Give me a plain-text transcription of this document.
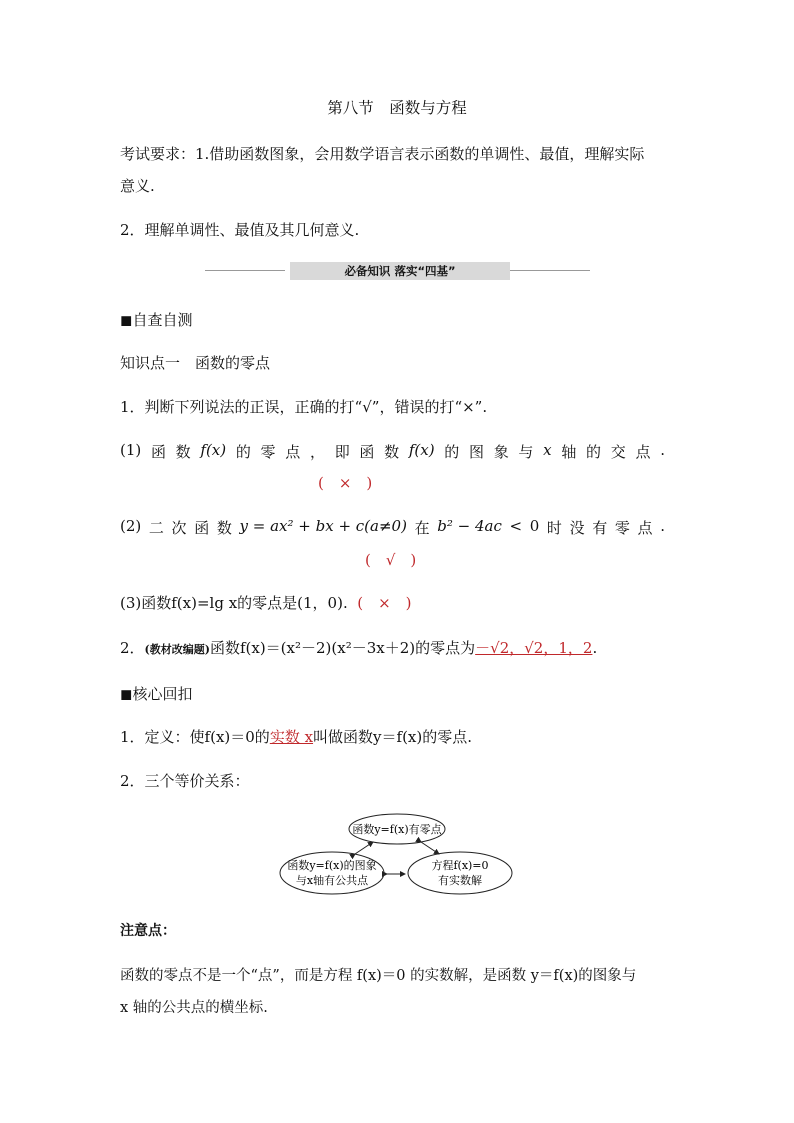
第八节　函数与方程
考试要求：1.借助函数图象，会用数学语言表示函数的单调性、最值，理解实际
意义.
2．理解单调性、最值及其几何意义.
必备知识 落实“四基”
◼自查自测
知识点一　函数的零点
1．判断下列说法的正误，正确的打“√”，错误的打“×”.
(1) 函 数 f(x) 的 零 点 ， 即 函 数 f(x) 的 图 象 与 x 轴 的 交 点 .
(　×　)
(2) 二 次 函 数 y = ax² + bx + c(a≠0) 在 b² − 4ac < 0 时 没 有 零 点 .
(　√　)
(3)函数f(x)=lg x的零点是(1，0). (　×　)
2．(教材改编题)函数f(x)＝(x²－2)(x²－3x＋2)的零点为－√2，√2，1，2.
◼核心回扣
1．定义：使f(x)＝0的实数 x叫做函数y＝f(x)的零点.
2．三个等价关系：
函数y=f(x)有零点
函数y=f(x)的图象
与x轴有公共点
方程f(x)=0
有实数解
注意点：
函数的零点不是一个“点”，而是方程 f(x)＝0 的实数解，是函数 y＝f(x)的图象与
x 轴的公共点的横坐标.
